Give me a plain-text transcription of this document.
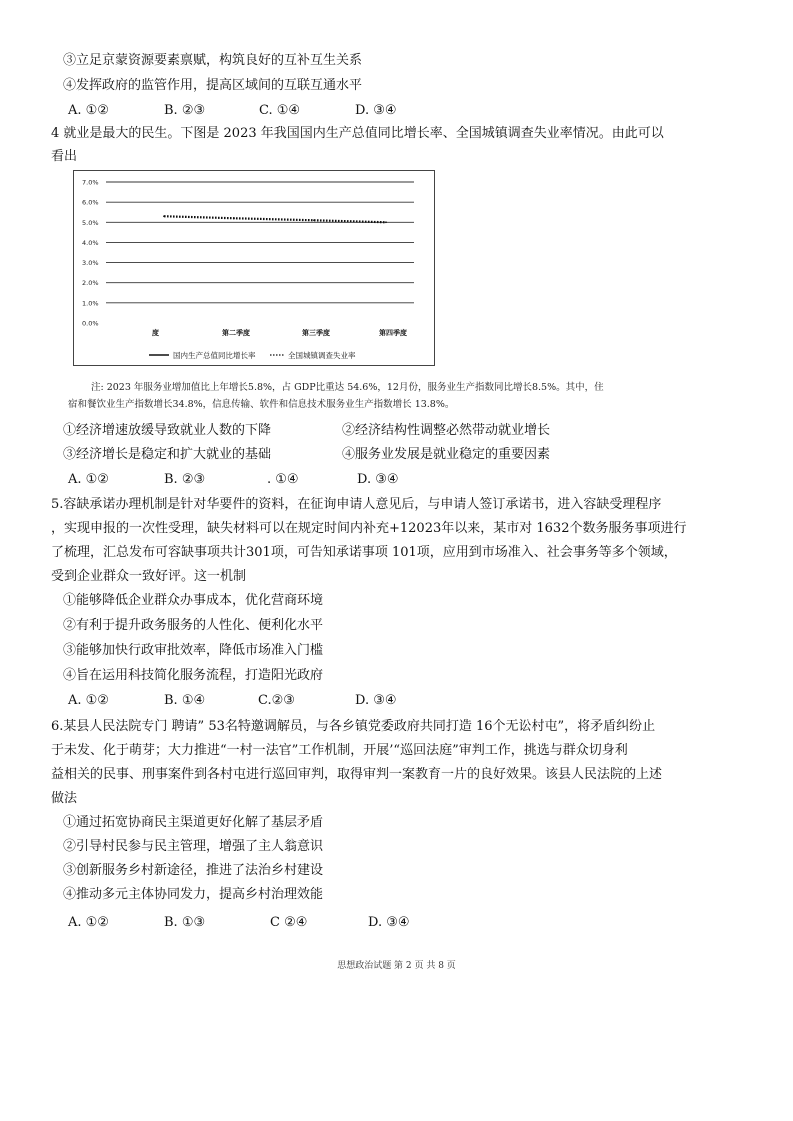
③立足京蒙资源要素禀赋，构筑良好的互补互生关系
④发挥政府的监管作用，提高区域间的互联互通水平
A. ①②	B. ②③	C. ①④	D. ③④
4 就业是最大的民生。下图是 2023 年我国国内生产总值同比增长率、全国城镇调查失业率情况。由此可以
看出
7.0%
6.0%
5.0%
4.0%
3.0%
2.0%
1.0%
0.0%
度	第二季度	第三季度	第四季度
国内生产总值同比增长率	全国城镇调查失业率
注: 2023 年服务业增加值比上年增长5.8%，占 GDP比重达 54.6%，12月份，服务业生产指数同比增长8.5%。其中，住
宿和餐饮业生产指数增长34.8%，信息传输、软件和信息技术服务业生产指数增长 13.8%。
①经济增速放缓导致就业人数的下降	②经济结构性调整必然带动就业增长
③经济增长是稳定和扩大就业的基础	④服务业发展是就业稳定的重要因素
A. ①②	B. ②③	. ①④	D. ③④
5.容缺承诺办理机制是针对华要件的资料，在征询申请人意见后，与申请人签订承诺书，进入容缺受理程序
，实现申报的一次性受理，缺失材料可以在规定时间内补充+12023年以来，某市对 1632个数务服务事项进行
了梳理，汇总发布可容缺事项共计301项，可告知承诺事项 101项，应用到市场准入、社会事务等多个领域，
受到企业群众一致好评。这一机制
①能够降低企业群众办事成本，优化营商环境
②有利于提升政务服务的人性化、便利化水平
③能够加快行政审批效率，降低市场准入门槛
④旨在运用科技简化服务流程，打造阳光政府
A. ①②	B. ①④	C.②③	D. ③④
6.某县人民法院专门 聘请” 53名特邀调解员，与各乡镇党委政府共同打造 16个无讼村屯”，将矛盾纠纷止
于未发、化于萌芽；大力推进“一村一法官”工作机制，开展’“巡回法庭”审判工作，挑选与群众切身利
益相关的民事、刑事案件到各村屯进行巡回审判，取得审判一案教育一片的良好效果。该县人民法院的上述
做法
①通过拓宽协商民主渠道更好化解了基层矛盾
②引导村民参与民主管理，增强了主人翁意识
③创新服务乡村新途径，推进了法治乡村建设
④推动多元主体协同发力，提高乡村治理效能
A. ①②	B. ①③	C ②④	D. ③④
思想政治试题 第 2 页 共 8 页
